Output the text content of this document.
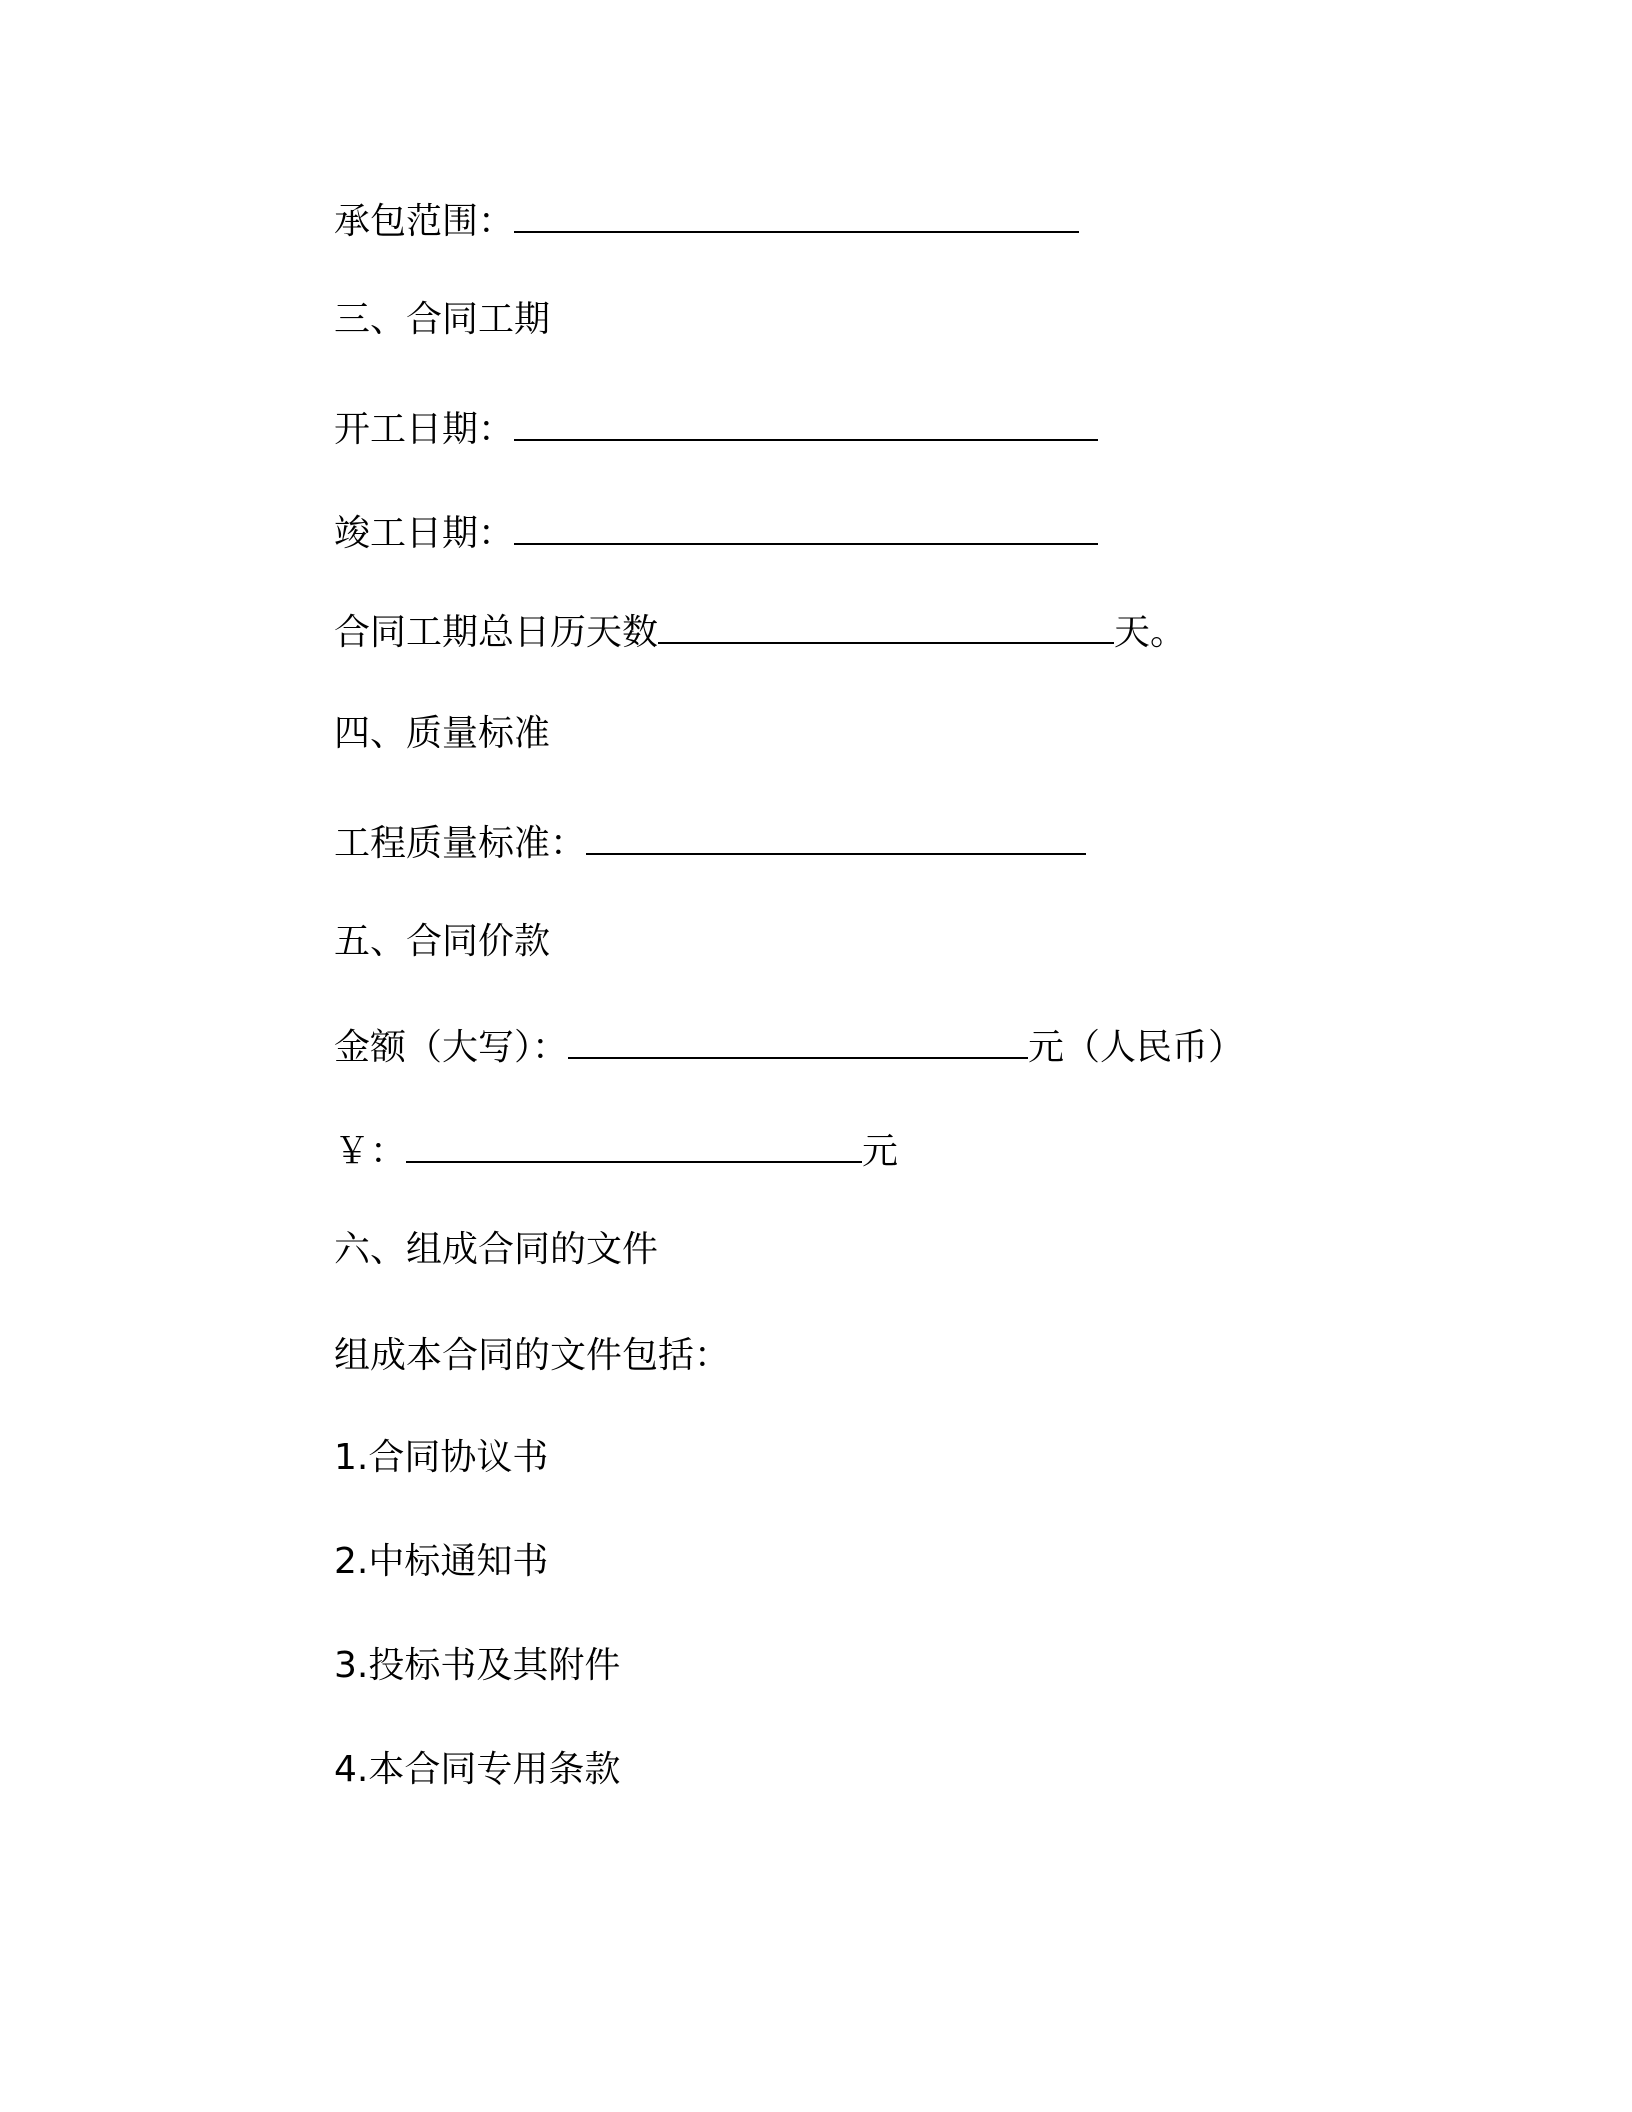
承包范围：
三、合同工期
开工日期：
竣工日期：
合同工期总日历天数	天。
四、质量标准
工程质量标准：
五、合同价款
金额（大写）：	元（人民币）
￥：	元
六、组成合同的文件
组成本合同的文件包括：
1.合同协议书
2.中标通知书
3.投标书及其附件
4.本合同专用条款
